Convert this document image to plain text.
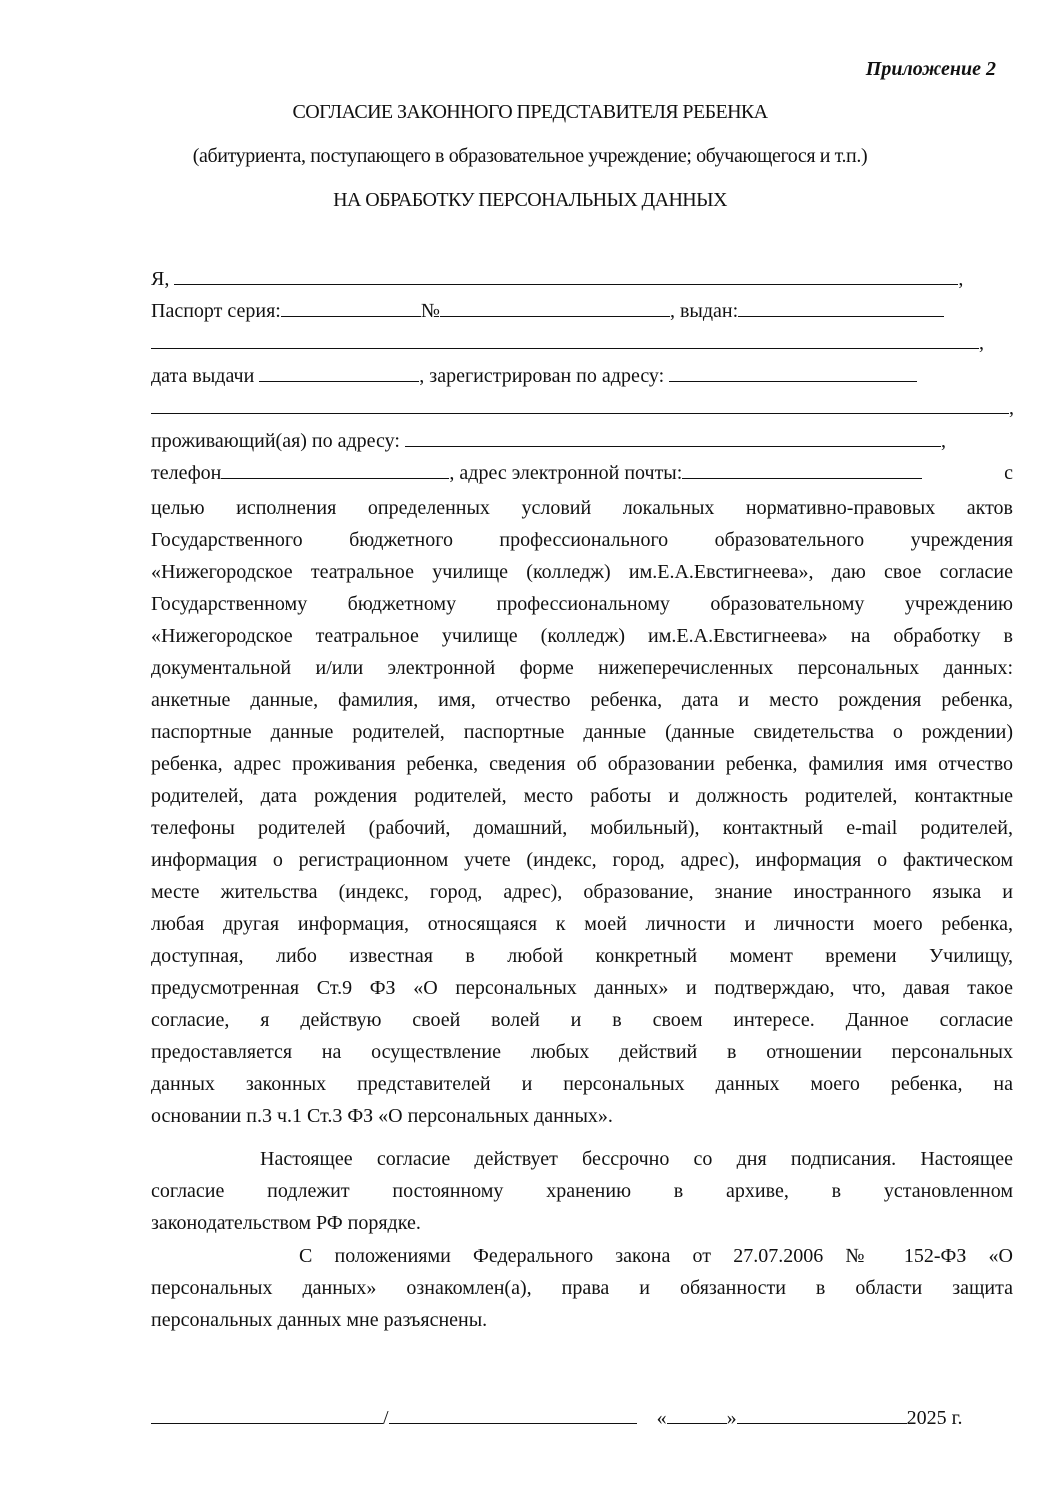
Приложение 2
СОГЛАСИЕ ЗАКОННОГО ПРЕДСТАВИТЕЛЯ РЕБЕНКА
(абитуриента, поступающего в образовательное учреждение; обучающегося и т.п.)
НА ОБРАБОТКУ ПЕРСОНАЛЬНЫХ ДАННЫХ
Я,	,
Паспорт серия:	№	, выдан:
,
дата выдачи	, зарегистрирован по адресу:
,
проживающий(ая) по адресу:	,
телефон	, адрес электронной почты:	с
целью исполнения определенных условий локальных нормативно-правовых актов
Государственного бюджетного профессионального образовательного учреждения
«Нижегородское театральное училище (колледж) им.Е.А.Евстигнеева», даю свое согласие
Государственному бюджетному профессиональному образовательному учреждению
«Нижегородское театральное училище (колледж) им.Е.А.Евстигнеева» на обработку в
документальной и/или электронной форме нижеперечисленных персональных данных:
анкетные данные, фамилия, имя, отчество ребенка, дата и место рождения ребенка,
паспортные данные родителей, паспортные данные (данные свидетельства о рождении)
ребенка, адрес проживания ребенка, сведения об образовании ребенка, фамилия имя отчество
родителей, дата рождения родителей, место работы и должность родителей, контактные
телефоны родителей (рабочий, домашний, мобильный), контактный e-mail родителей,
информация о регистрационном учете (индекс, город, адрес), информация о фактическом
месте жительства (индекс, город, адрес), образование, знание иностранного языка и
любая другая информация, относящаяся к моей личности и личности моего ребенка,
доступная, либо известная в любой конкретный момент времени Училищу,
предусмотренная Ст.9 ФЗ «О персональных данных» и подтверждаю, что, давая такое
согласие, я действую своей волей и в своем интересе. Данное согласие
предоставляется на осуществление любых действий в отношении персональных
данных законных представителей и персональных данных моего ребенка, на
основании п.3 ч.1 Ст.3 ФЗ «О персональных данных».
Настоящее согласие действует бессрочно со дня подписания. Настоящее
согласие подлежит постоянному хранению в архиве, в установленном
законодательством РФ порядке.
С положениями Федерального закона от 27.07.2006 № 152-ФЗ «О
персональных данных» ознакомлен(а), права и обязанности в области защита
персональных данных мне разъяснены.
/	«	»	2025 г.
